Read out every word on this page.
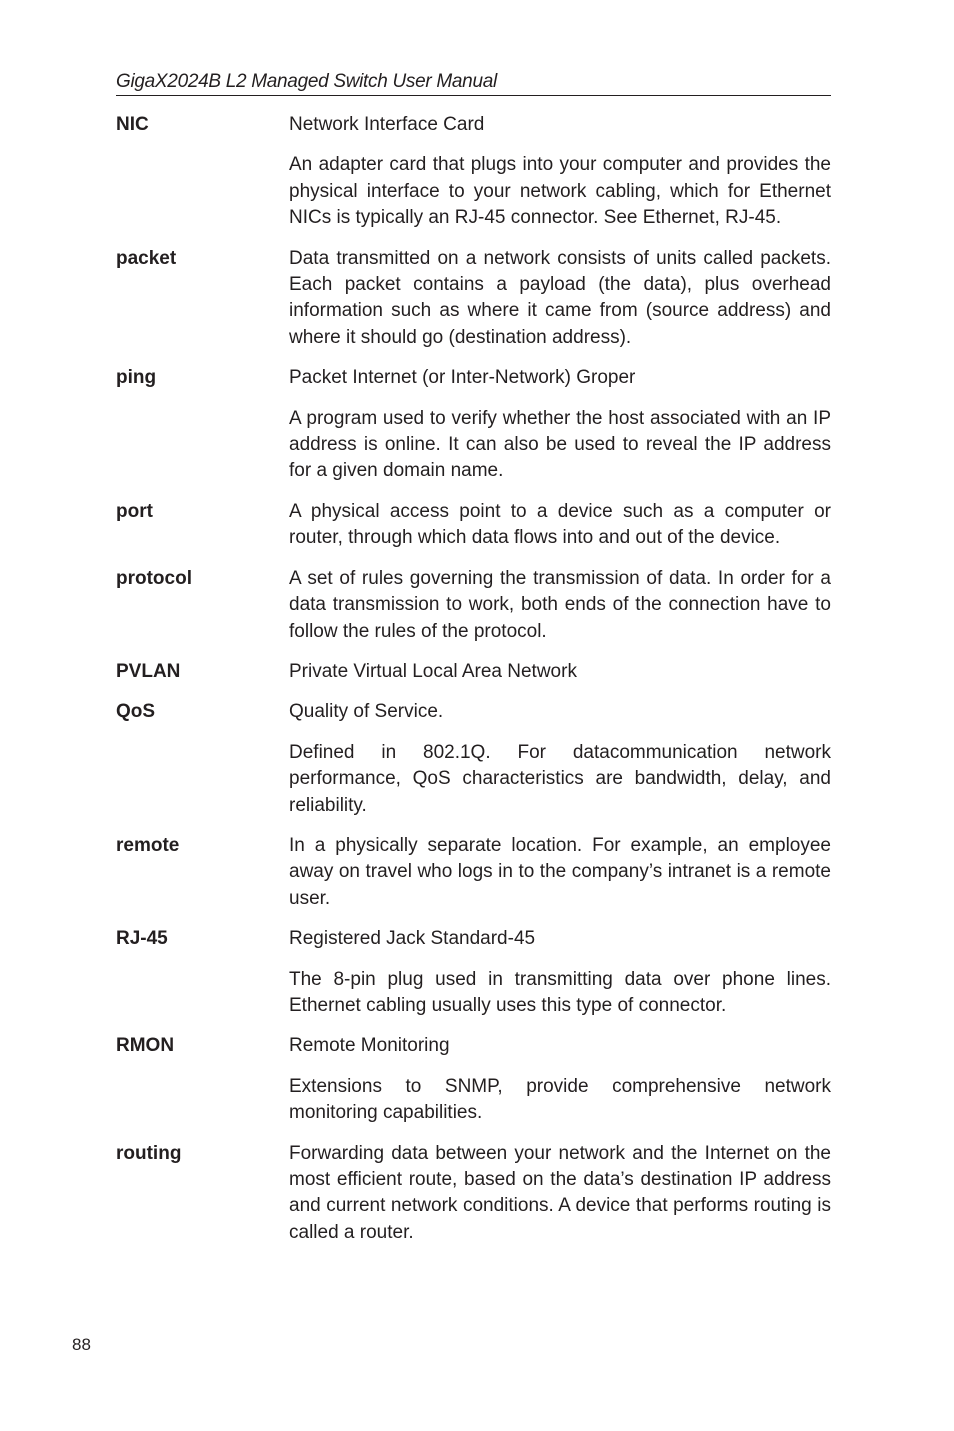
GigaX2024B L2 Managed Switch User Manual
NIC	Network Interface Card

An adapter card that plugs into your computer and provides the physical interface to your network cabling, which for Ethernet NICs is typically an RJ-45 connector. See Ethernet, RJ-45.

packet	Data transmitted on a network consists of units called packets. Each packet contains a payload (the data), plus overhead information such as where it came from (source address) and where it should go (destination address).

ping	Packet Internet (or Inter-Network) Groper

A program used to verify whether the host associated with an IP address is online. It can also be used to reveal the IP address for a given domain name.

port	A physical access point to a device such as a computer or router, through which data flows into and out of the device.

protocol	A set of rules governing the transmission of data. In order for a data transmission to work, both ends of the connection have to follow the rules of the protocol.

PVLAN	Private Virtual Local Area Network

QoS	Quality of Service.

Defined in 802.1Q. For datacommunication network performance, QoS characteristics are bandwidth, delay, and reliability.

remote	In a physically separate location. For example, an employee away on travel who logs in to the company’s intranet is a remote user.

RJ-45	Registered Jack Standard-45

The 8-pin plug used in transmitting data over phone lines. Ethernet cabling usually uses this type of connector.

RMON	Remote Monitoring

Extensions to SNMP, provide comprehensive network monitoring capabilities.

routing	Forwarding data between your network and the Internet on the most efficient route, based on the data’s destination IP address and current network conditions. A device that performs routing is called a router.

88
